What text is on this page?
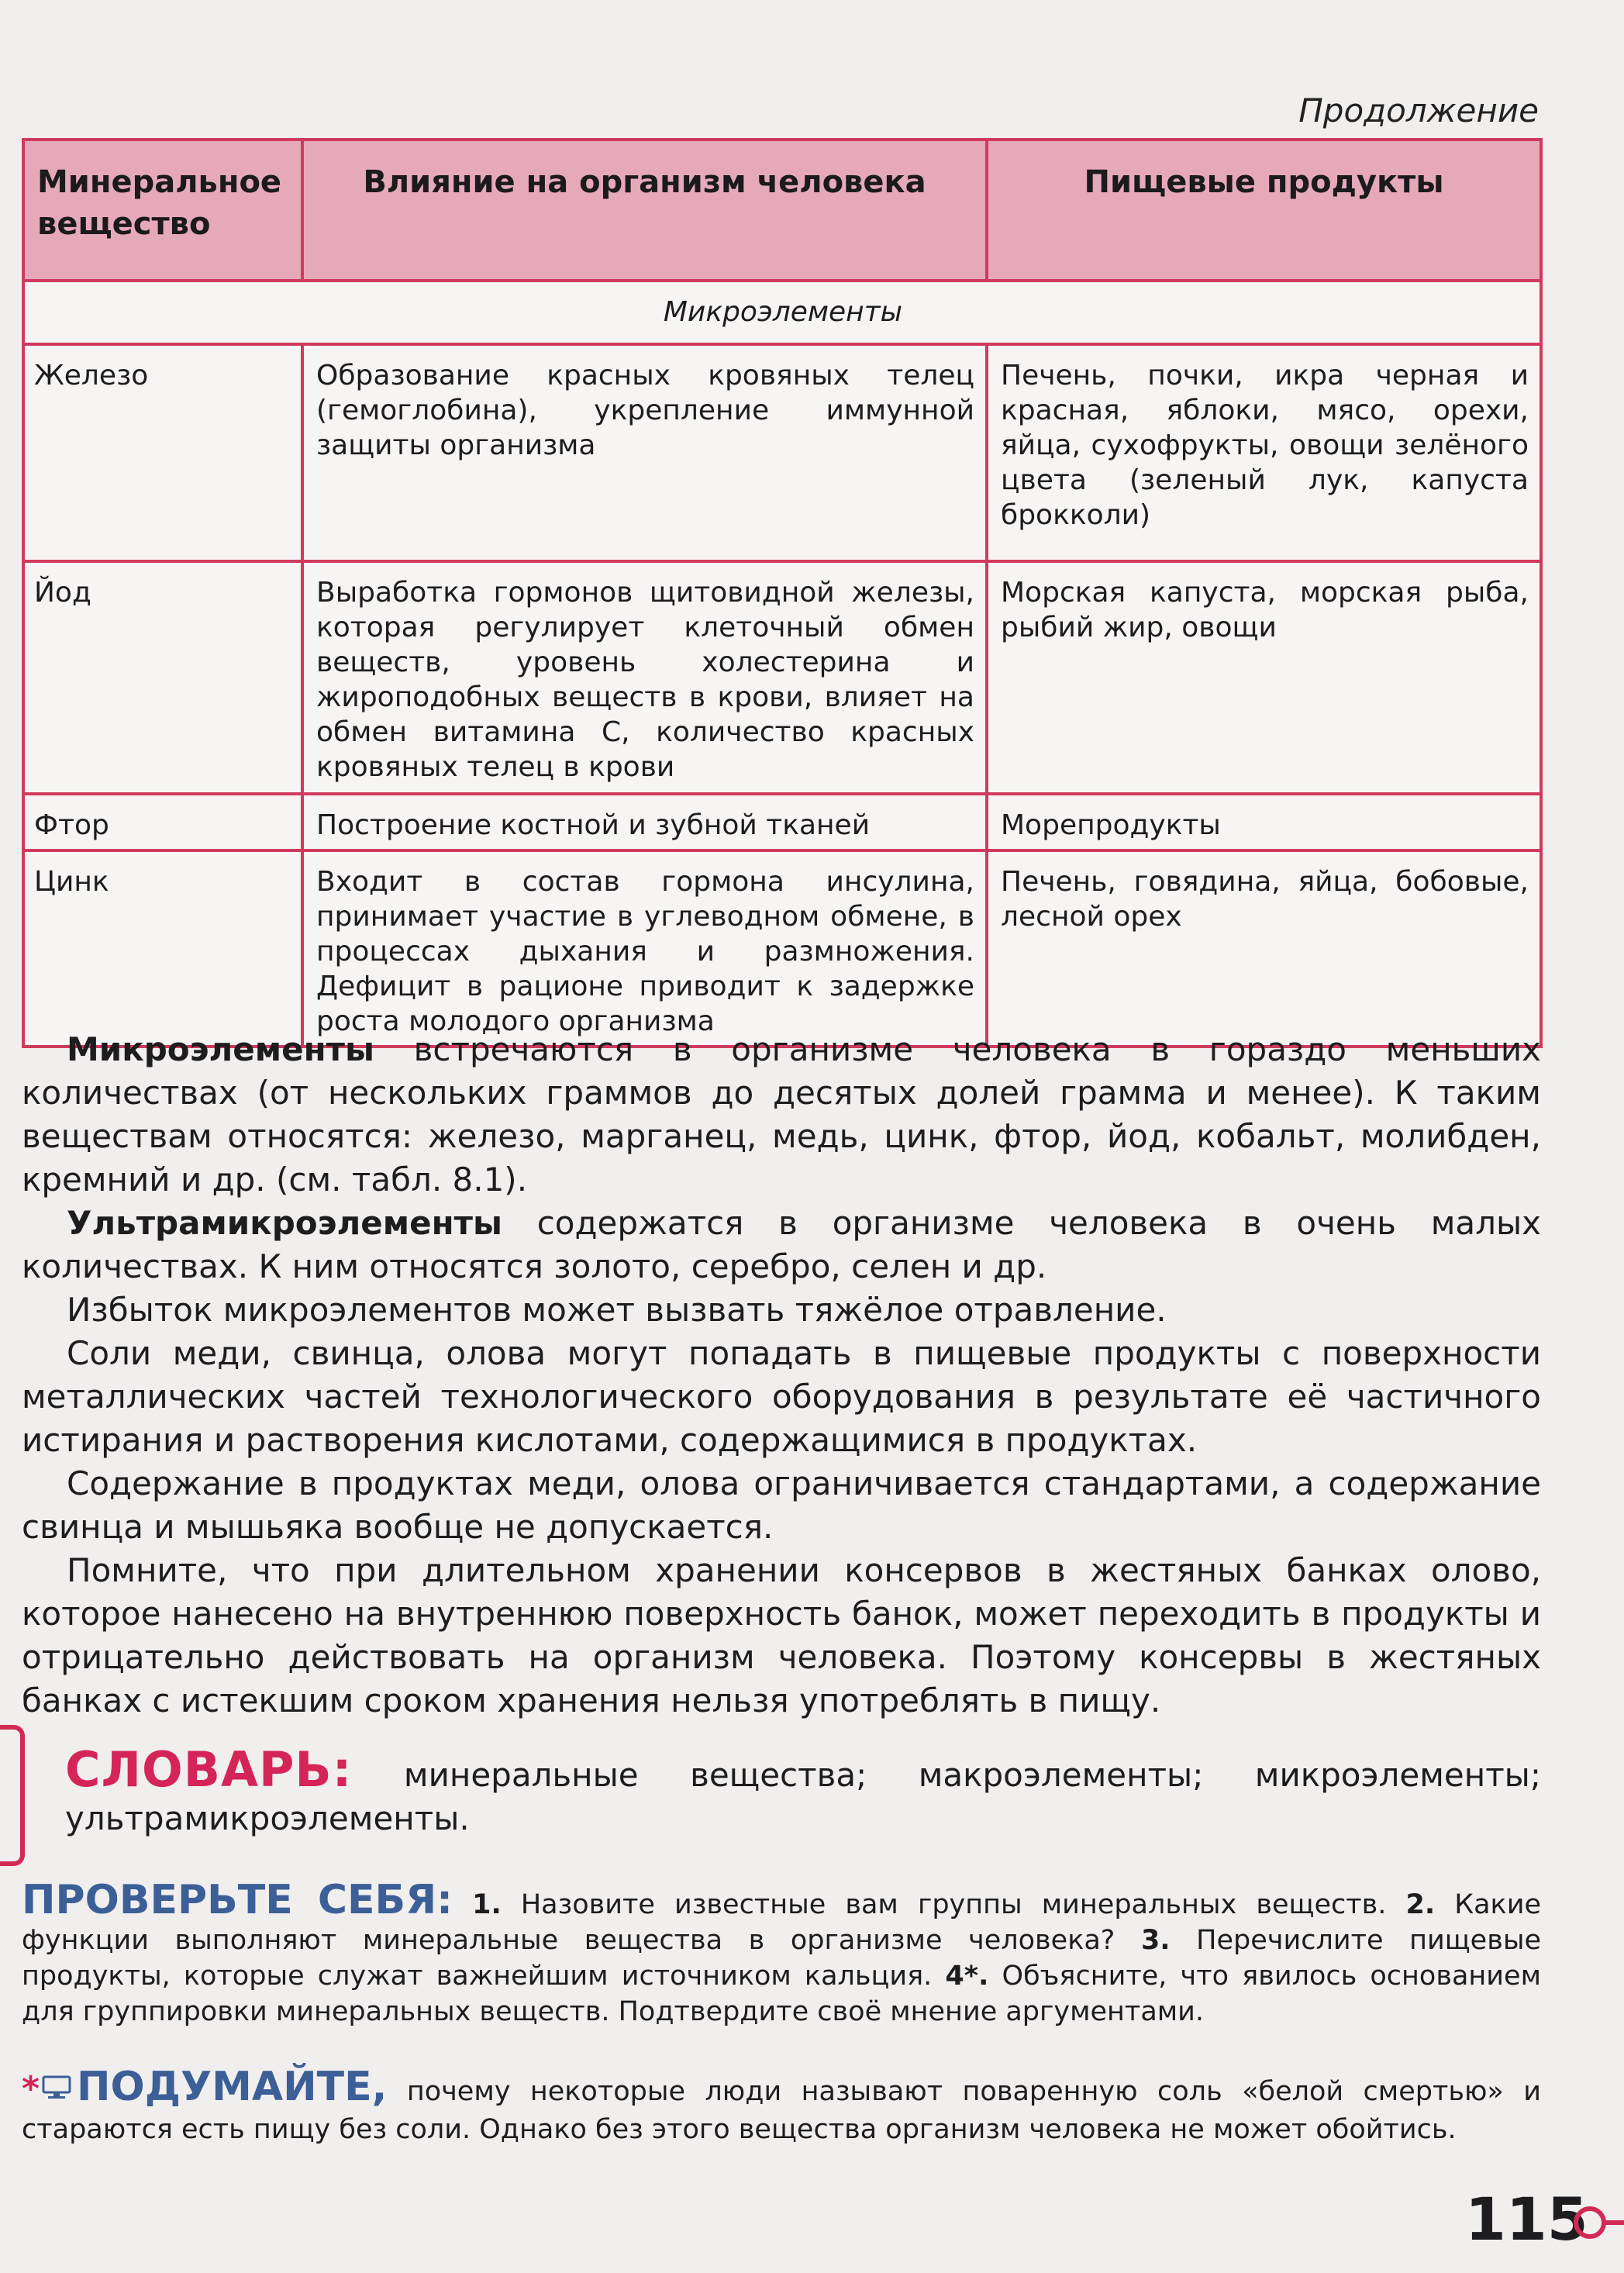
Продолжение
Минеральное вещество	Влияние на организм человека	Пищевые продукты
Микроэлементы		
Железо	Образование красных кровяных телец (гемоглобина), укрепление иммунной защиты организма	Печень, почки, икра черная и красная, яблоки, мясо, орехи, яйца, сухофрукты, овощи зелёного цвета (зеленый лук, капуста брокколи)
Йод	Выработка гормонов щитовидной железы, которая регулирует клеточный обмен веществ, уровень холестерина и жироподобных веществ в крови, влияет на обмен витамина С, количество красных кровяных телец в крови	Морская капуста, морская рыба, рыбий жир, овощи
Фтор	Построение костной и зубной тканей	Морепродукты
Цинк	Входит в состав гормона инсулина, принимает участие в углеводном обмене, в процессах дыхания и размножения. Дефицит в рационе приводит к задержке роста молодого организма	Печень, говядина, яйца, бобовые, лесной орех

Микроэлементы встречаются в организме человека в гораздо меньших количествах (от нескольких граммов до десятых долей грамма и менее). К таким веществам относятся: железо, марганец, медь, цинк, фтор, йод, кобальт, молибден, кремний и др. (см. табл. 8.1).

Ультрамикроэлементы содержатся в организме человека в очень малых количествах. К ним относятся золото, серебро, селен и др.

Избыток микроэлементов может вызвать тяжёлое отравление.

Соли меди, свинца, олова могут попадать в пищевые продукты с поверхности металлических частей технологического оборудования в результате её частичного истирания и растворения кислотами, содержащимися в продуктах.

Содержание в продуктах меди, олова ограничивается стандартами, а содержание свинца и мышьяка вообще не допускается.

Помните, что при длительном хранении консервов в жестяных банках олово, которое нанесено на внутреннюю поверхность банок, может переходить в продукты и отрицательно действовать на организм человека. Поэтому консервы в жестяных банках с истекшим сроком хранения нельзя употреблять в пищу.

СЛОВАРЬ: минеральные вещества; макроэлементы; микроэлементы; ультрамикроэлементы.
ПРОВЕРЬТЕ СЕБЯ: 1. Назовите известные вам группы минеральных веществ. 2. Какие функции выполняют минеральные вещества в организме человека? 3. Перечислите пищевые продукты, которые служат важнейшим источником кальция. 4*. Объясните, что явилось основанием для группировки минеральных веществ. Подтвердите своё мнение аргументами.
* ПОДУМАЙТЕ, почему некоторые люди называют поваренную соль «белой смертью» и стараются есть пищу без соли. Однако без этого вещества организм человека не может обойтись.
115
